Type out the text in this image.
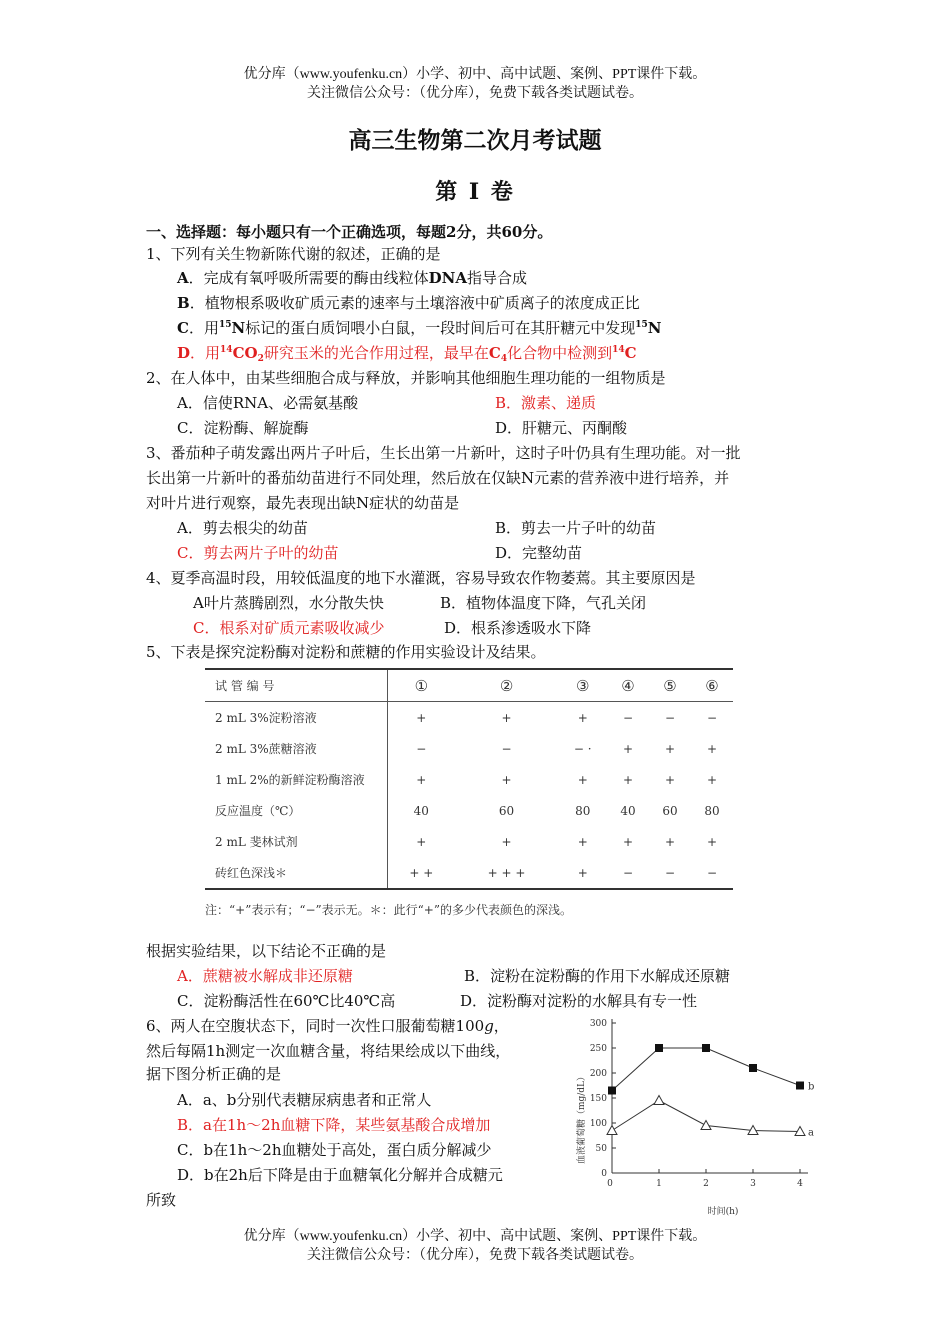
优分库（www.youfenku.cn）小学、初中、高中试题、案例、PPT课件下载。
关注微信公众号：（优分库），免费下载各类试题试卷。
高三生物第二次月考试题
第 Ⅰ 卷
一、选择题：每小题只有一个正确选项，每题2分，共60分。
1、下列有关生物新陈代谢的叙述，正确的是
A．完成有氧呼吸所需要的酶由线粒体DNA指导合成
B．植物根系吸收矿质元素的速率与土壤溶液中矿质离子的浓度成正比
C．用$^{15}$N标记的蛋白质饲喂小白鼠，一段时间后可在其肝糖元中发现$^{15}$N
D．用$^{14}CO_2$研究玉米的光合作用过程，最早在$C_4$化合物中检测到$^{14}$C
2、在人体中，由某些细胞合成与释放，并影响其他细胞生理功能的一组物质是
A．信使RNA、必需氨基酸	B．激素、递质
C．淀粉酶、解旋酶	D．肝糖元、丙酮酸
3、番茄种子萌发露出两片子叶后，生长出第一片新叶，这时子叶仍具有生理功能。对一批
长出第一片新叶的番茄幼苗进行不同处理，然后放在仅缺N元素的营养液中进行培养，并
对叶片进行观察，最先表现出缺N症状的幼苗是
A．剪去根尖的幼苗	B．剪去一片子叶的幼苗
C．剪去两片子叶的幼苗	D．完整幼苗
4、夏季高温时段，用较低温度的地下水灌溉，容易导致农作物萎蔫。其主要原因是
A叶片蒸腾剧烈，水分散失快	B．植物体温度下降，气孔关闭
C．根系对矿质元素吸收减少	D．根系渗透吸水下降
5、下表是探究淀粉酶对淀粉和蔗糖的作用实验设计及结果。
试 管 编 号	①	②	③	④	⑤	⑥
2 mL 3%淀粉溶液	+	+	+	−	−	−
2 mL 3%蔗糖溶液	−	−	− ·	+	+	+
1 mL 2%的新鲜淀粉酶溶液	+	+	+	+	+	+
反应温度（℃）	40	60	80	40	60	80
2 mL 斐林试剂	+	+	+	+	+	+
砖红色深浅＊	+ +	+ + +	+	−	−	−
注：“+”表示有；“−”表示无。＊：此行“+”的多少代表颜色的深浅。
根据实验结果，以下结论不正确的是
A．蔗糖被水解成非还原糖	B．淀粉在淀粉酶的作用下水解成还原糖
C．淀粉酶活性在60℃比40℃高	D．淀粉酶对淀粉的水解具有专一性
6、两人在空腹状态下，同时一次性口服葡萄糖100g，
然后每隔1h测定一次血糖含量，将结果绘成以下曲线，
据下图分析正确的是
A．a、b分别代表糖尿病患者和正常人
B．a在1h～2h血糖下降，某些氨基酸合成增加
C．b在1h～2h血糖处于高处，蛋白质分解减少
D．b在2h后下降是由于血糖氧化分解并合成糖元
所致
0
50
100
150
200
250
300
0	1	2	3	4
b
a
血液葡萄糖（mg/dL）
时间(h)
优分库（www.youfenku.cn）小学、初中、高中试题、案例、PPT课件下载。
关注微信公众号：（优分库），免费下载各类试题试卷。
